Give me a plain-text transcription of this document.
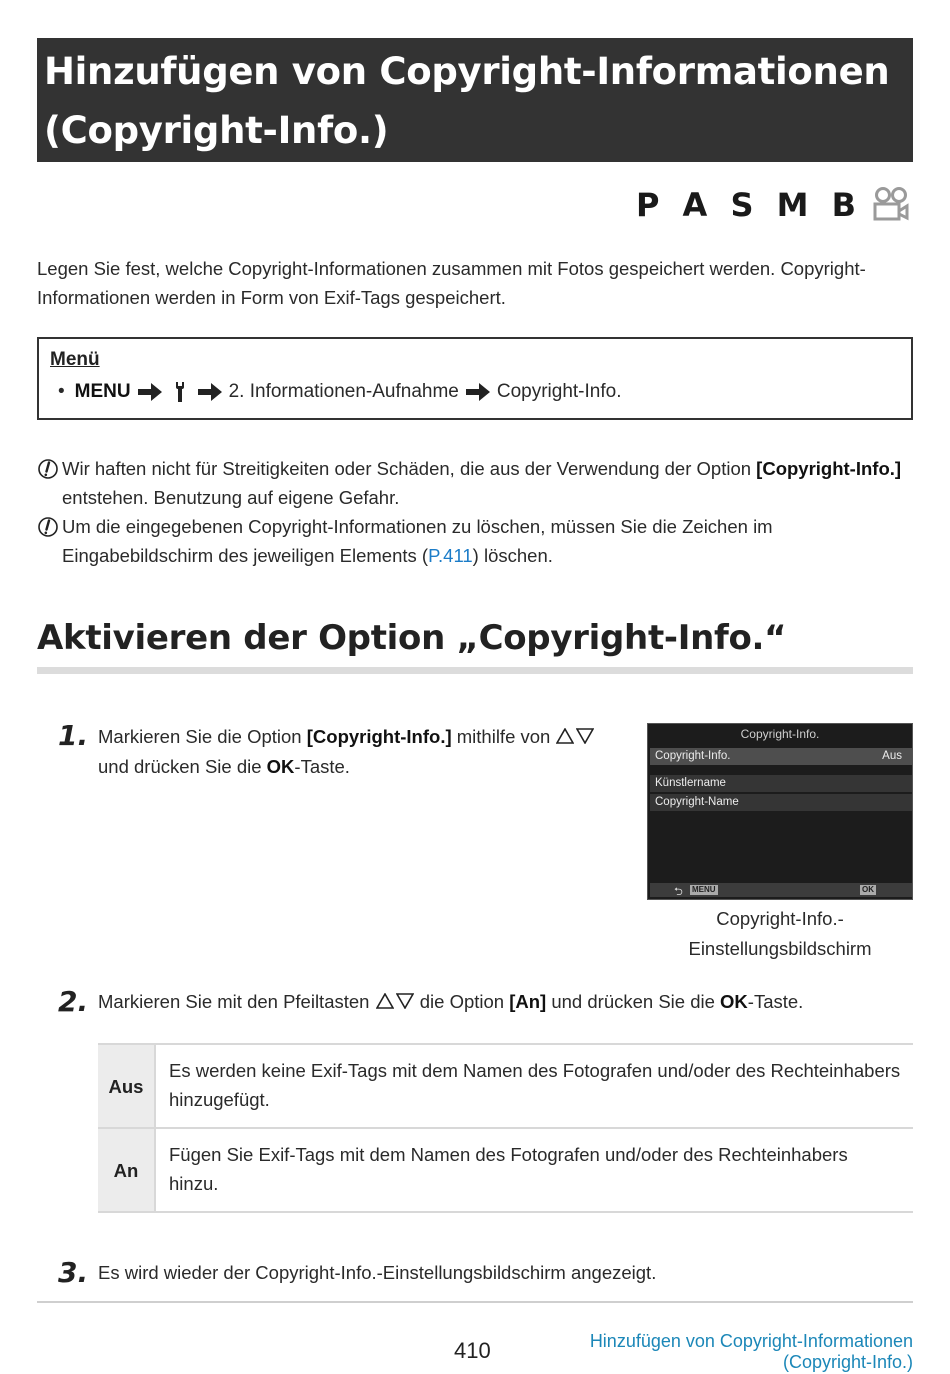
Hinzufügen von Copyright-Informationen
(Copyright-Info.)
P A S M B

Legen Sie fest, welche Copyright-Informationen zusammen mit Fotos gespeichert werden. Copyright-Informationen werden in Form von Exif-Tags gespeichert.

Menü
• MENU	2. Informationen-Aufnahme Copyright-Info.
Wir haften nicht für Streitigkeiten oder Schäden, die aus der Verwendung der Option [Copyright-Info.] entstehen. Benutzung auf eigene Gefahr.
Um die eingegebenen Copyright-Informationen zu löschen, müssen Sie die Zeichen im Eingabebildschirm des jeweiligen Elements (P.411) löschen.
Aktivieren der Option „Copyright-Info.“
1. Markieren Sie die Option [Copyright-Info.] mithilfe von
und drücken Sie die OK-Taste.
Copyright-Info.
Copyright-Info.	Aus
Künstlername
Copyright-Name
⮌ MENU	OK
Copyright-Info.-
Einstellungsbildschirm
2. Markieren Sie mit den Pfeiltasten  die Option [An] und drücken Sie die OK-Taste.
Aus	Es werden keine Exif-Tags mit dem Namen des Fotografen und/oder des Rechteinhabers hinzugefügt.
An	Fügen Sie Exif-Tags mit dem Namen des Fotografen und/oder des Rechteinhabers hinzu.
3. Es wird wieder der Copyright-Info.-Einstellungsbildschirm angezeigt.
410	Hinzufügen von Copyright-Informationen
(Copyright-Info.)
